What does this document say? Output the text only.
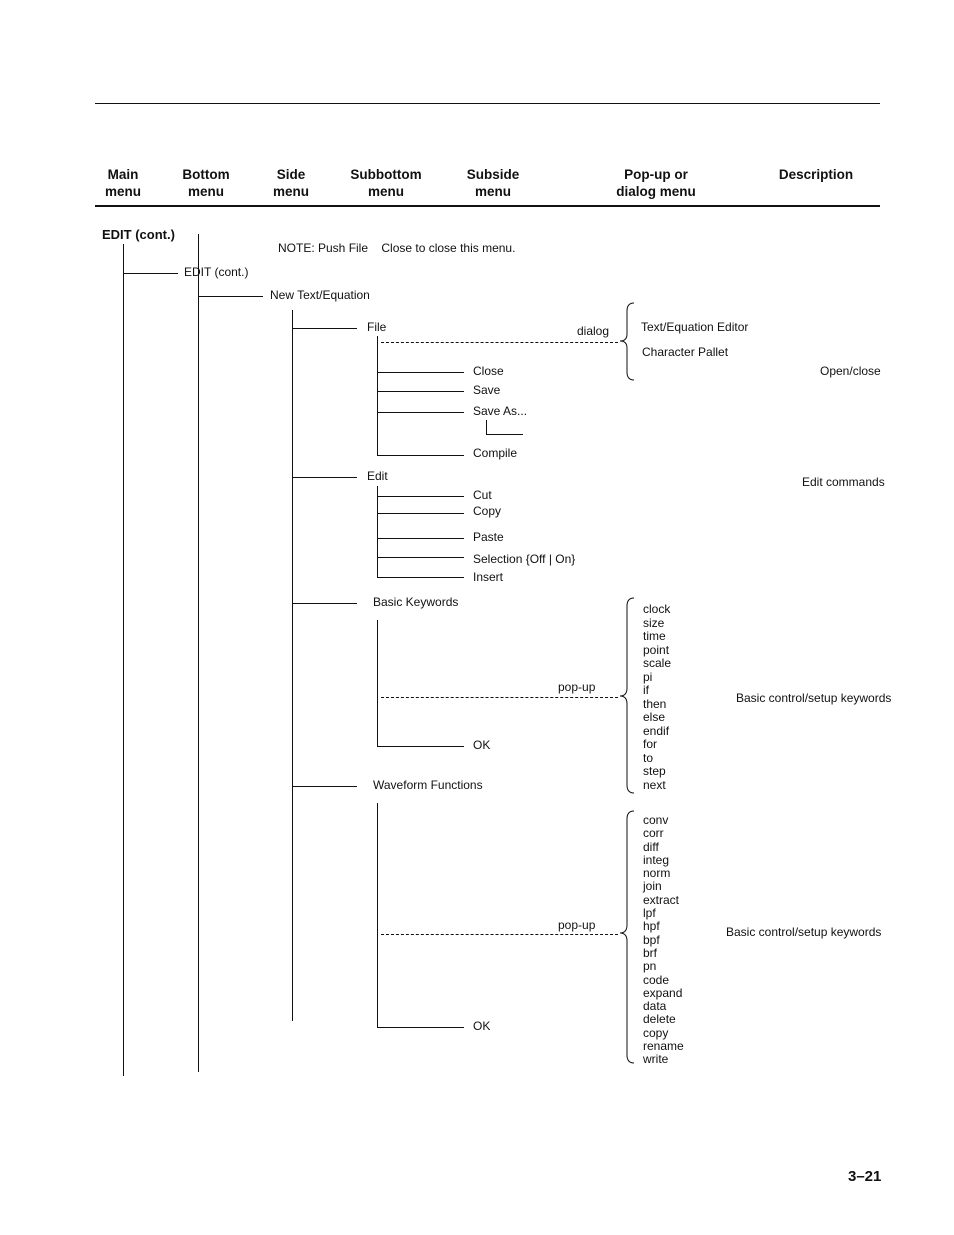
Main
menu
Bottom
menu
Side
menu
Subbottom
menu
Subside
menu
Pop-up or
dialog menu
Description
EDIT (cont.)
NOTE: Push File    Close to close this menu.
EDIT (cont.)
New Text/Equation
File	dialog	Text/Equation Editor
Character Pallet
Open/close
Close
Save
Save As...
Compile
Edit	Edit commands
Cut
Copy
Paste
Selection {Off | On}
Insert
Basic Keywords
pop-up
OK
Basic control/setup keywords
clock
size
time
point
scale
pi
if
then
else
endif
for
to
step
next
Waveform Functions
pop-up
OK
Basic control/setup keywords
conv
corr
diff
integ
norm
join
extract
lpf
hpf
bpf
brf
pn
code
expand
data
delete
copy
rename
write
3–21
